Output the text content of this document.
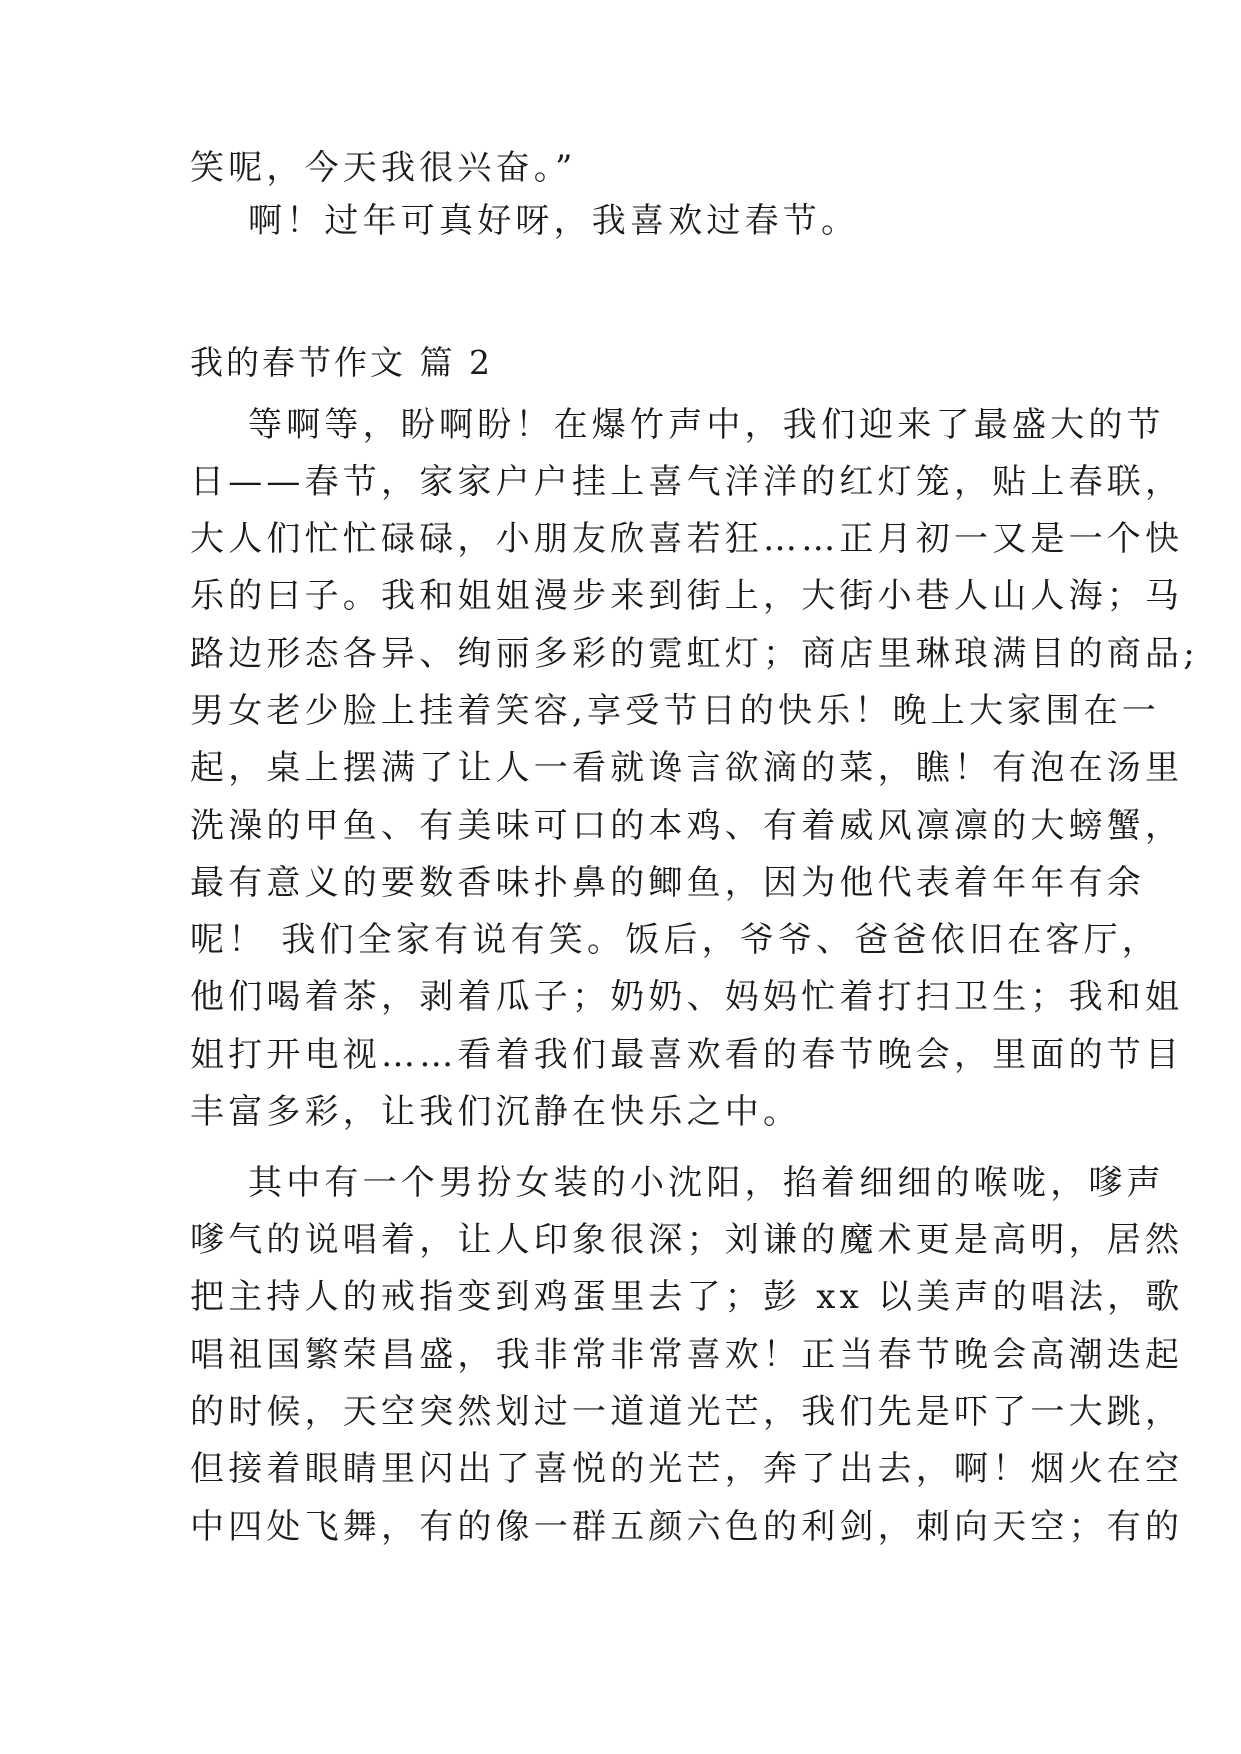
笑呢，今天我很兴奋。”

啊！过年可真好呀，我喜欢过春节。

我的春节作文 篇 2

等啊等，盼啊盼！在爆竹声中，我们迎来了最盛大的节

日——春节，家家户户挂上喜气洋洋的红灯笼，贴上春联，

大人们忙忙碌碌，小朋友欣喜若狂……正月初一又是一个快

乐的曰子。我和姐姐漫步来到街上，大街小巷人山人海；马

路边形态各异、绚丽多彩的霓虹灯；商店里琳琅满目的商品;

男女老少脸上挂着笑容,享受节日的快乐！晚上大家围在一

起，桌上摆满了让人一看就谗言欲滴的菜，瞧！有泡在汤里

洗澡的甲鱼、有美味可口的本鸡、有着威风凛凛的大螃蟹，

最有意义的要数香味扑鼻的鲫鱼，因为他代表着年年有余

呢！ 我们全家有说有笑。饭后，爷爷、爸爸依旧在客厅，

他们喝着茶，剥着瓜子；奶奶、妈妈忙着打扫卫生；我和姐

姐打开电视……看着我们最喜欢看的春节晚会，里面的节目

丰富多彩，让我们沉静在快乐之中。

其中有一个男扮女装的小沈阳，掐着细细的喉咙，嗲声

嗲气的说唱着，让人印象很深；刘谦的魔术更是高明，居然

把主持人的戒指变到鸡蛋里去了；彭 xx 以美声的唱法，歌

唱祖国繁荣昌盛，我非常非常喜欢！正当春节晚会高潮迭起

的时候，天空突然划过一道道光芒，我们先是吓了一大跳，

但接着眼睛里闪出了喜悦的光芒，奔了出去，啊！烟火在空

中四处飞舞，有的像一群五颜六色的利剑，刺向天空；有的
